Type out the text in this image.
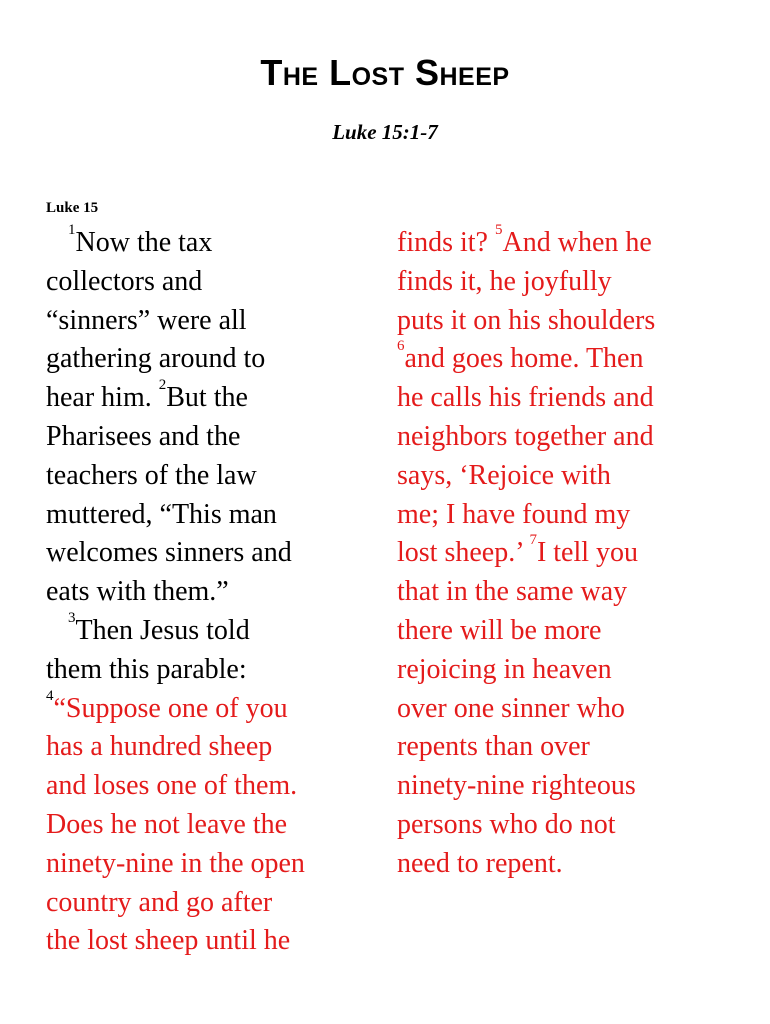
The Lost Sheep
Luke 15:1-7
Luke 15
$^1$Now the tax
collectors and
“sinners” were all
gathering around to
hear him. $^2$But the
Pharisees and the
teachers of the law
muttered, “This man
welcomes sinners and
eats with them.”
$^3$Then Jesus told
them this parable:
$^4$“Suppose one of you
has a hundred sheep
and loses one of them.
Does he not leave the
ninety-nine in the open
country and go after
the lost sheep until he
finds it? $^5$And when he
finds it, he joyfully
puts it on his shoulders
$^6$and goes home. Then
he calls his friends and
neighbors together and
says, ‘Rejoice with
me; I have found my
lost sheep.’ $^7$I tell you
that in the same way
there will be more
rejoicing in heaven
over one sinner who
repents than over
ninety-nine righteous
persons who do not
need to repent.
